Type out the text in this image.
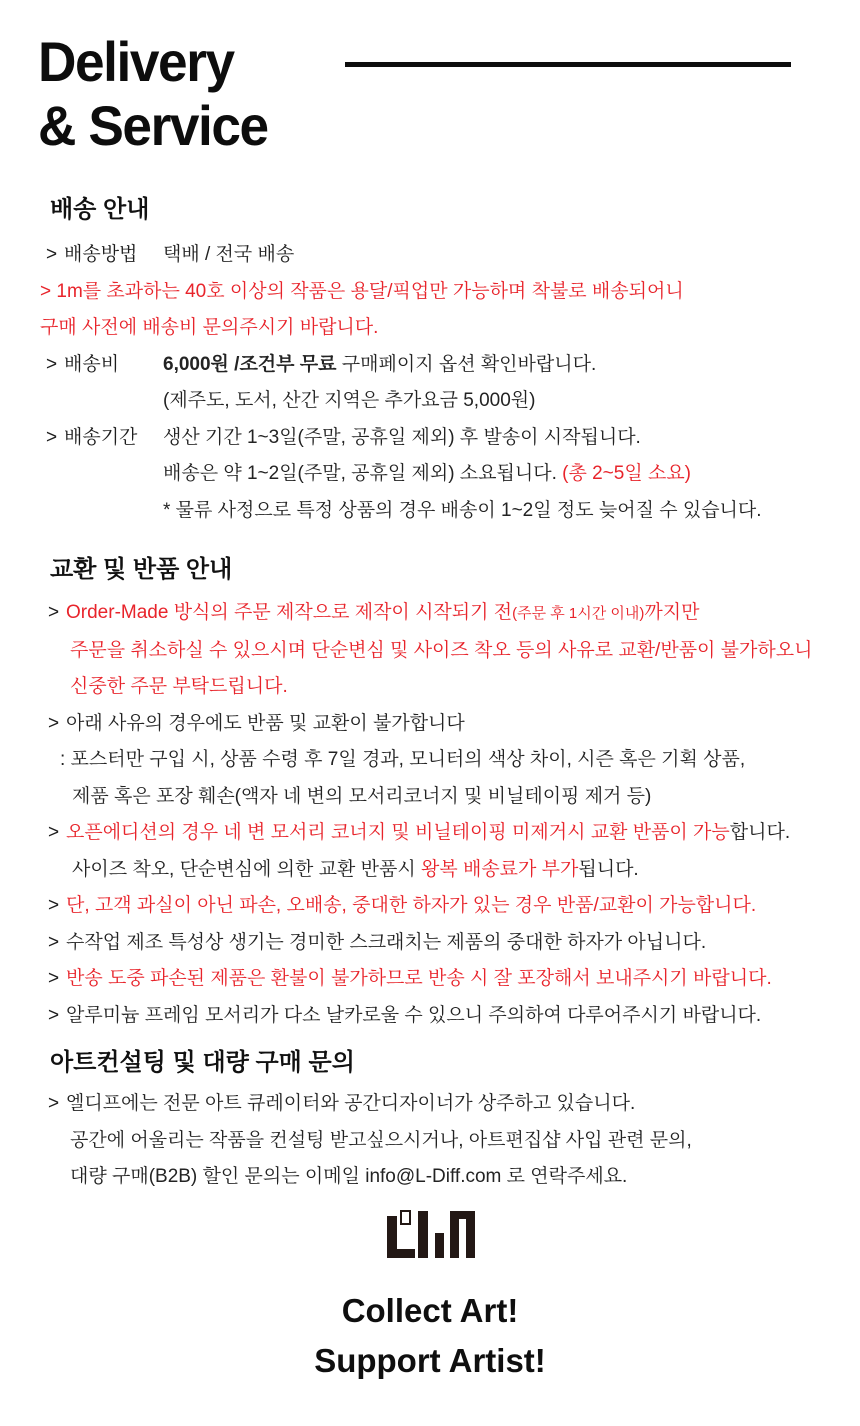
Delivery
& Service
배송 안내
> 배송방법	택배 / 전국 배송
> 1m를 초과하는 40호 이상의 작품은 용달/픽업만 가능하며 착불로 배송되어니
구매 사전에 배송비 문의주시기 바랍니다.
> 배송비	6,000원 /조건부 무료 구매페이지 옵션 확인바랍니다.
(제주도, 도서, 산간 지역은 추가요금 5,000원)
> 배송기간	생산 기간 1~3일(주말, 공휴일 제외) 후 발송이 시작됩니다.
배송은 약 1~2일(주말, 공휴일 제외) 소요됩니다. (총 2~5일 소요)
* 물류 사정으로 특정 상품의 경우 배송이 1~2일 정도 늦어질 수 있습니다.
교환 및 반품 안내
> Order-Made 방식의 주문 제작으로 제작이 시작되기 전(주문 후 1시간 이내)까지만
주문을 취소하실 수 있으시며 단순변심 및 사이즈 착오 등의 사유로 교환/반품이 불가하오니
신중한 주문 부탁드립니다.
> 아래 사유의 경우에도 반품 및 교환이 불가합니다
: 포스터만 구입 시, 상품 수령 후 7일 경과, 모니터의 색상 차이, 시즌 혹은 기획 상품,
제품 혹은 포장 훼손(액자 네 변의 모서리코너지 및 비닐테이핑 제거 등)
> 오픈에디션의 경우 네 변 모서리 코너지 및 비닐테이핑 미제거시 교환 반품이 가능합니다.
사이즈 착오, 단순변심에 의한 교환 반품시 왕복 배송료가 부가됩니다.
> 단, 고객 과실이 아닌 파손, 오배송, 중대한 하자가 있는 경우 반품/교환이 가능합니다.
> 수작업 제조 특성상 생기는 경미한 스크래치는 제품의 중대한 하자가 아닙니다.
> 반송 도중 파손된 제품은 환불이 불가하므로 반송 시 잘 포장해서 보내주시기 바랍니다.
> 알루미늄 프레임 모서리가 다소 날카로울 수 있으니 주의하여 다루어주시기 바랍니다.
아트컨설팅 및 대량 구매 문의
> 엘디프에는 전문 아트 큐레이터와 공간디자이너가 상주하고 있습니다.
공간에 어울리는 작품을 컨설팅 받고싶으시거나, 아트편집샵 사입 관련 문의,
대량 구매(B2B) 할인 문의는 이메일 info@L-Diff.com 로 연락주세요.
Collect Art!
Support Artist!
